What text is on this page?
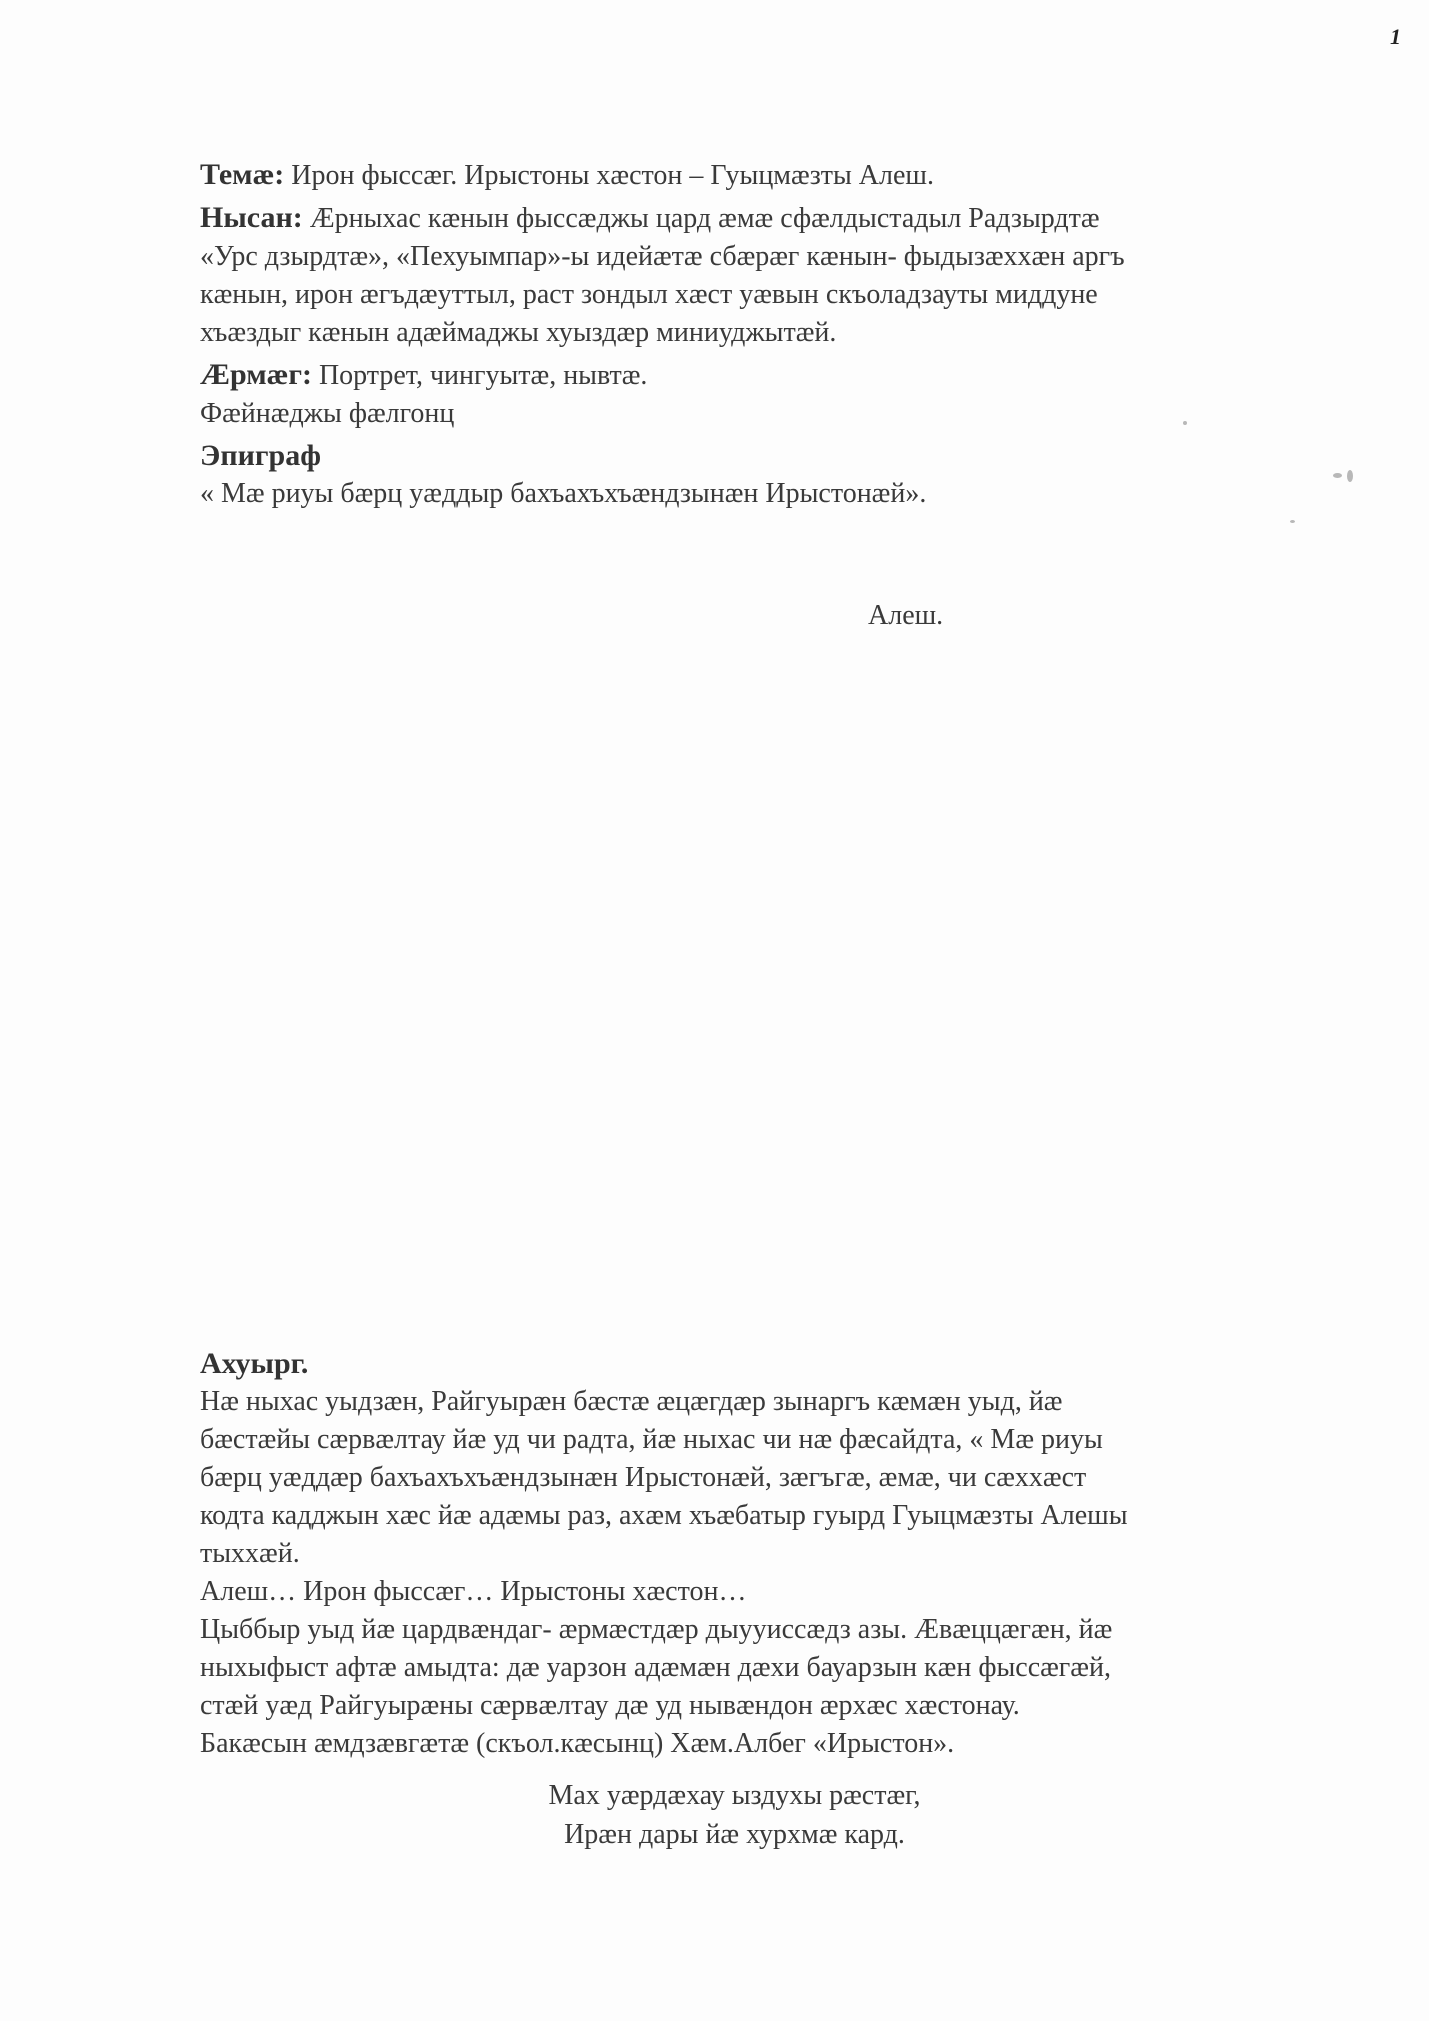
1
Темæ: Ирон фыссæг. Ирыстоны хæстон – Гуыцмæзты Алеш.
Нысан: Æрныхас кæнын фыссæджы цард æмæ сфæлдыстадыл Радзырдтæ
«Урс дзырдтæ», «Пехуымпар»-ы идейæтæ сбæрæг кæнын- фыдызæххæн аргъ
кæнын, ирон æгъдæуттыл, раст зондыл хæст уæвын скъоладзауты миддуне
хъæздыг кæнын адæймаджы хуыздæр миниуджытæй.
Æрмæг: Портрет, чингуытæ, нывтæ.
Фæйнæджы фæлгонц
Эпиграф
« Мæ риуы бæрц уæддыр бахъахъхъæндзынæн Ирыстонæй».
Алеш.
Ахуырг.
Нæ ныхас уыдзæн, Райгуырæн бæстæ æцæгдæр зынаргъ кæмæн уыд, йæ
бæстæйы сæрвæлтау йæ уд чи радта, йæ ныхас чи нæ фæсайдта, « Мæ риуы
бæрц уæддæр бахъахъхъæндзынæн Ирыстонæй, зæгъгæ, æмæ, чи сæххæст
кодта кадджын хæс йæ адæмы раз, ахæм хъæбатыр гуырд Гуыцмæзты Алешы
тыххæй.
Алеш… Ирон фыссæг… Ирыстоны хæстон…
Цыббыр уыд йæ цардвæндаг- æрмæстдæр дыууиссæдз азы. Æвæццæгæн, йæ
ныхыфыст афтæ амыдта: дæ уарзон адæмæн дæхи бауарзын кæн фыссæгæй,
стæй уæд Райгуырæны сæрвæлтау дæ уд нывæндон æрхæс хæстонау.
Бакæсын æмдзæвгæтæ (скъол.кæсынц) Хæм.Албег «Ирыстон».
Мах уæрдæхау ыздухы рæстæг,
Ирæн дары йæ хурхмæ кард.
